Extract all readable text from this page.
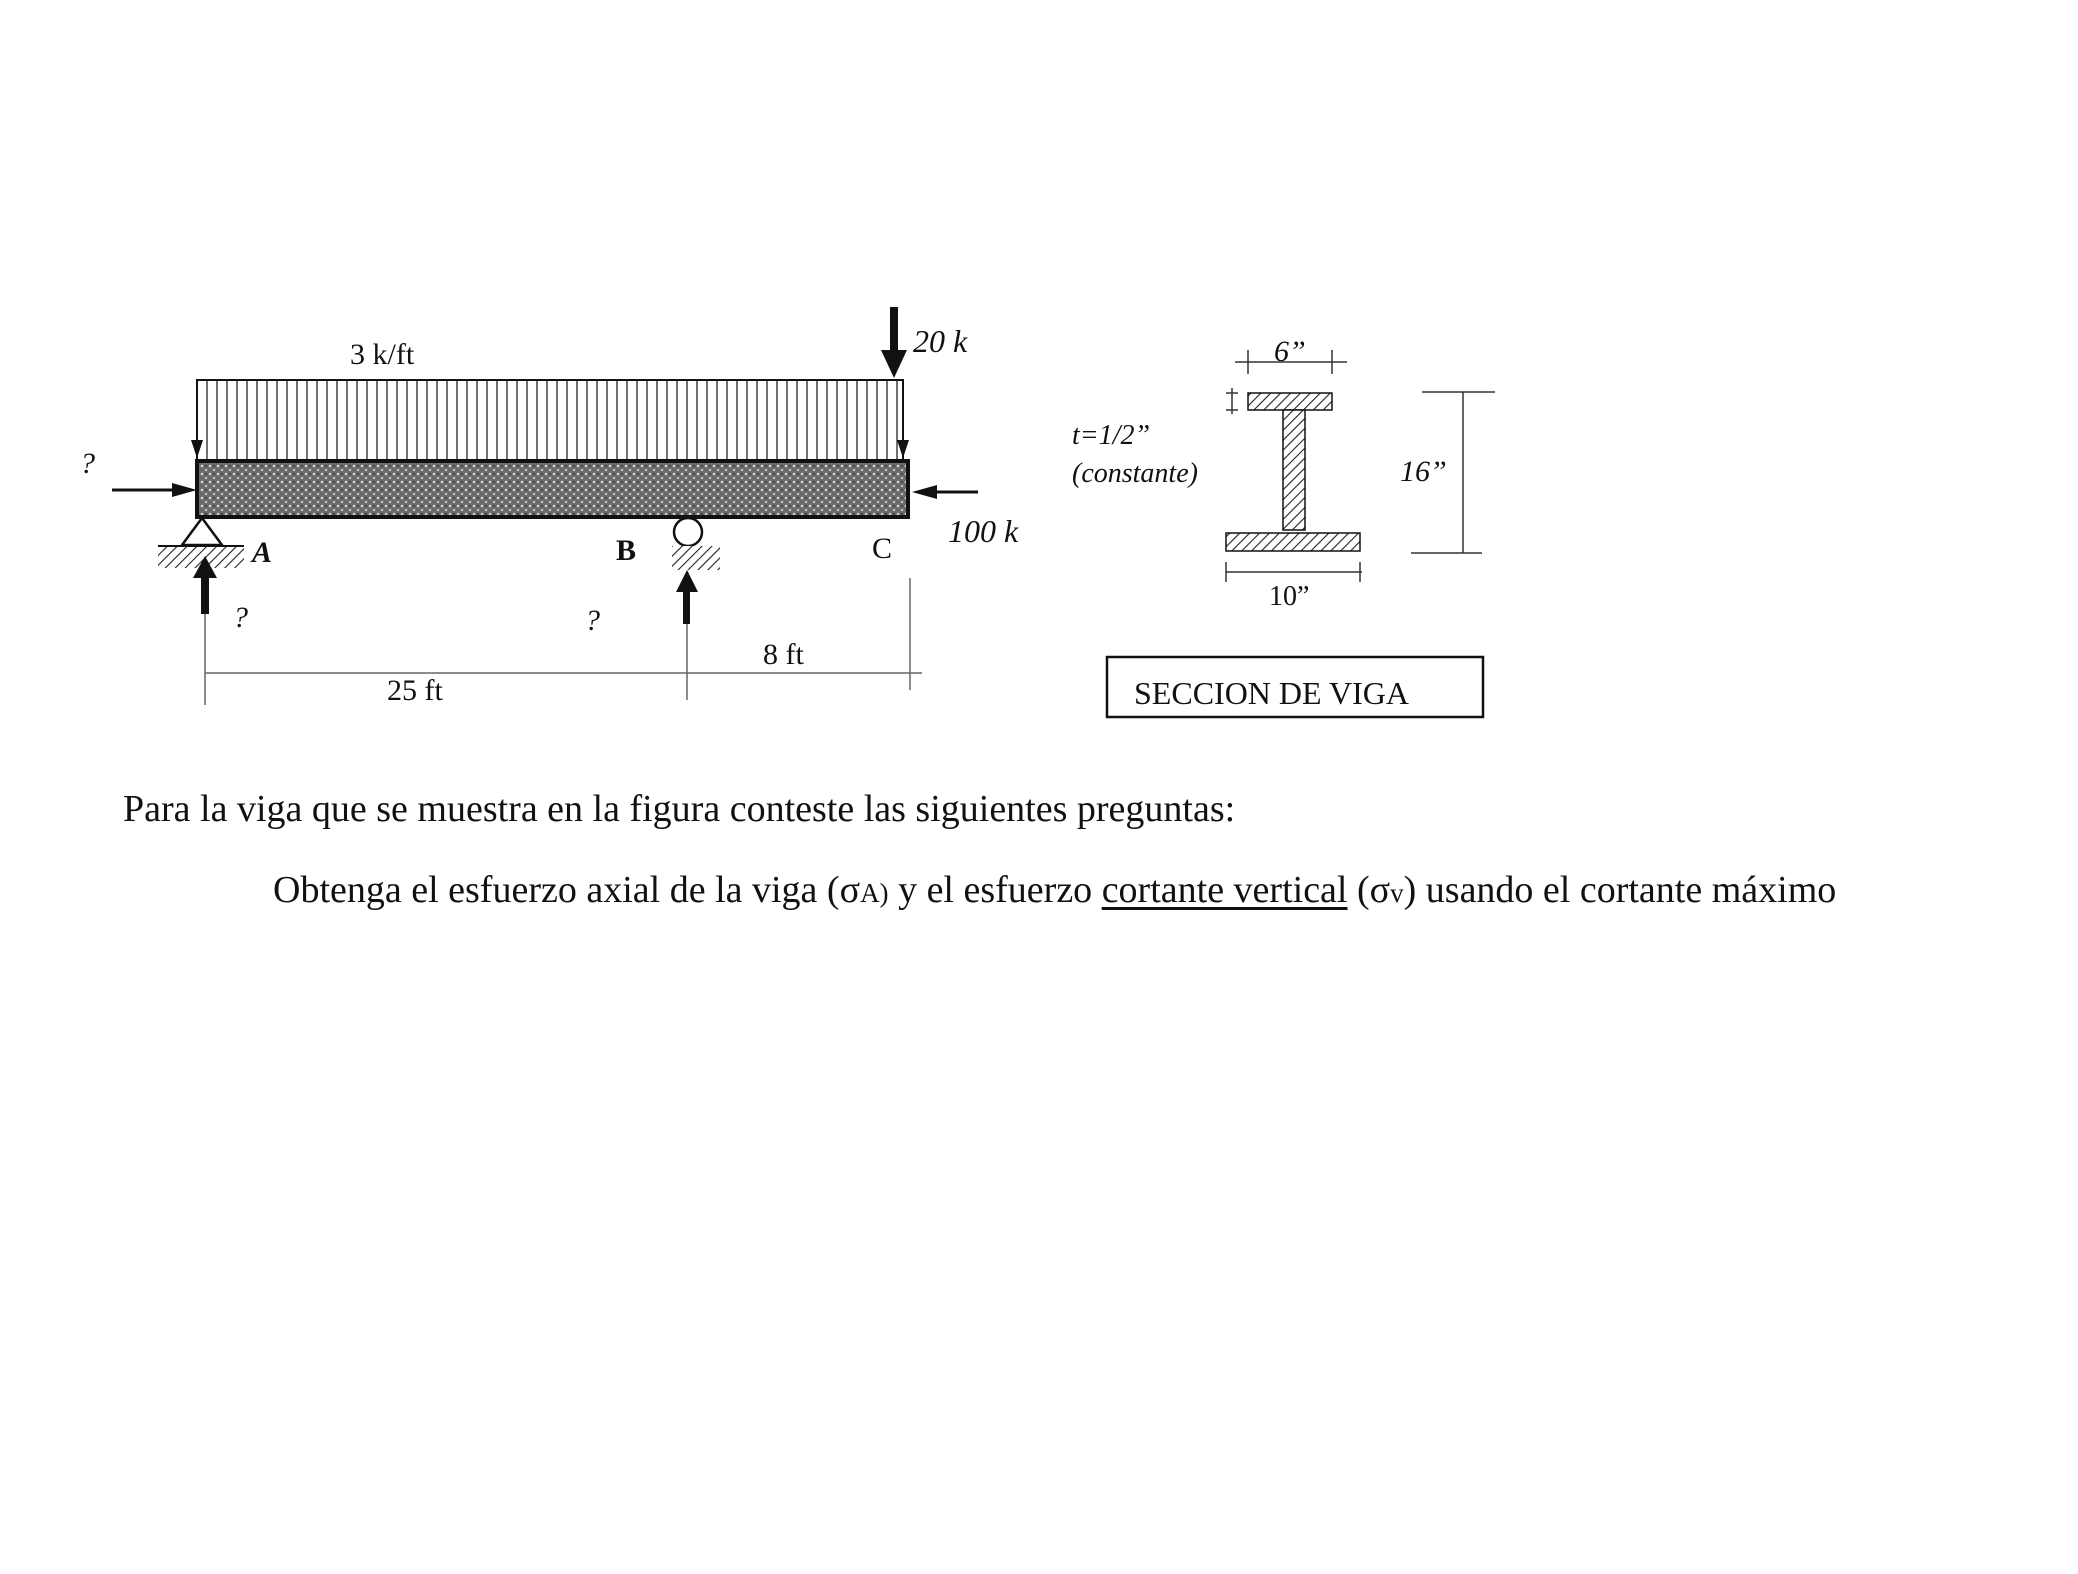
3 k/ft	20 k
?
100 k
A
?
B
?
C
25 ft
8 ft
6”
t=1/2”
(constante)	16”
10”
SECCION DE VIGA
Para la viga que se muestra en la figura conteste las siguientes preguntas:
Obtenga el esfuerzo axial de la viga (σA) y el esfuerzo cortante vertical (σv) usando el cortante máximo
